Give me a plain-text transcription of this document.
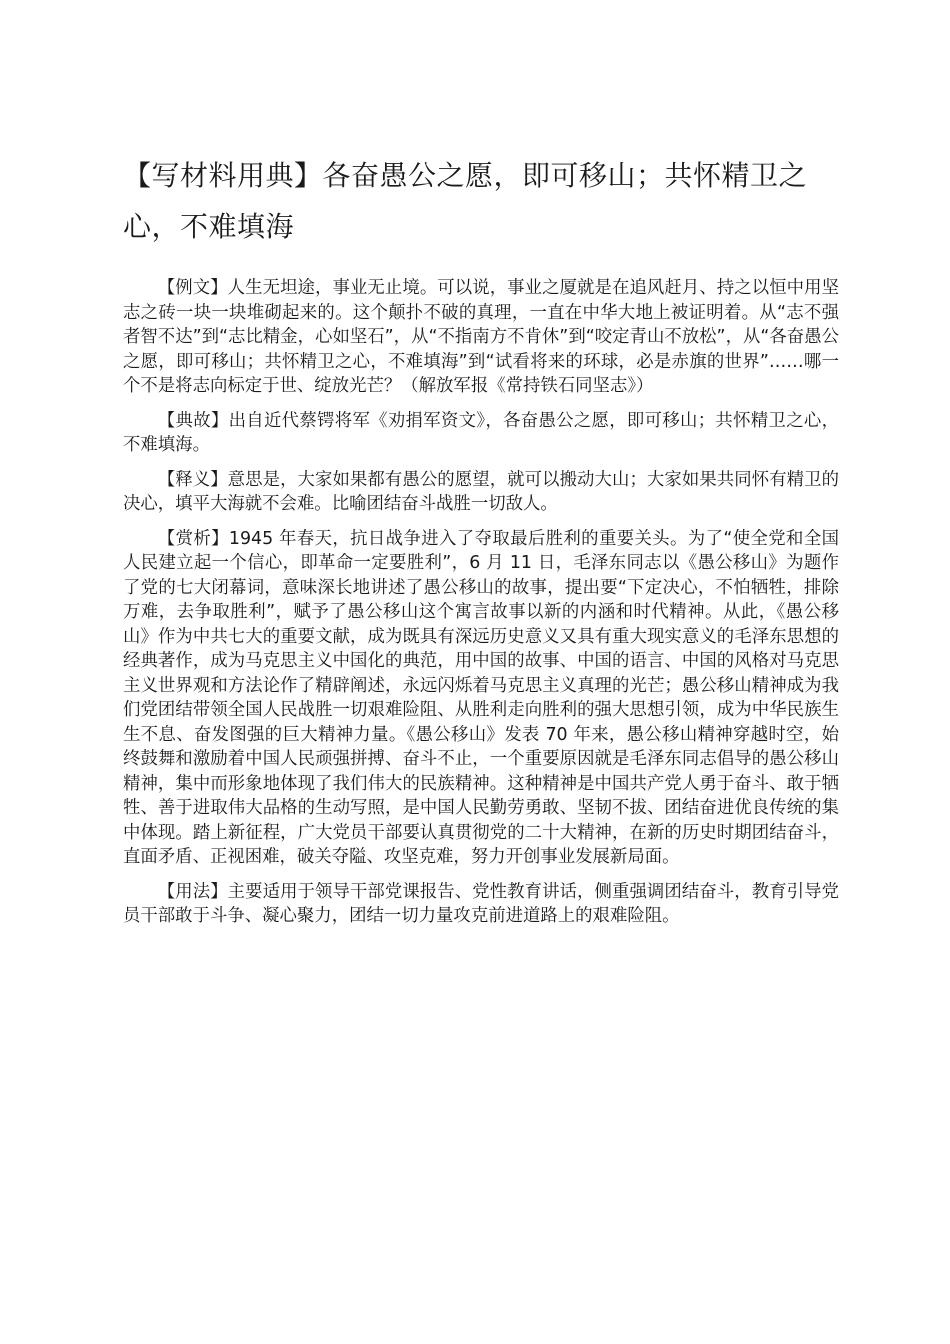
【写材料用典】各奋愚公之愿，即可移山；共怀精卫之心，不难填海

【例文】人生无坦途，事业无止境。可以说，事业之厦就是在追风赶月、持之以恒中用坚志之砖一块一块堆砌起来的。这个颠扑不破的真理，一直在中华大地上被证明着。从“志不强者智不达”到“志比精金，心如坚石”，从“不指南方不肯休”到“咬定青山不放松”，从“各奋愚公之愿，即可移山；共怀精卫之心，不难填海”到“试看将来的环球，必是赤旗的世界”……哪一个不是将志向标定于世、绽放光芒？（解放军报《常持铁石同坚志》）

【典故】出自近代蔡锷将军《劝捐军资文》，各奋愚公之愿，即可移山；共怀精卫之心，不难填海。

【释义】意思是，大家如果都有愚公的愿望，就可以搬动大山；大家如果共同怀有精卫的决心，填平大海就不会难。比喻团结奋斗战胜一切敌人。

【赏析】1945 年春天，抗日战争进入了夺取最后胜利的重要关头。为了“使全党和全国人民建立起一个信心，即革命一定要胜利”，6 月 11 日，毛泽东同志以《愚公移山》为题作了党的七大闭幕词，意味深长地讲述了愚公移山的故事，提出要“下定决心，不怕牺牲，排除万难，去争取胜利”，赋予了愚公移山这个寓言故事以新的内涵和时代精神。从此，《愚公移山》作为中共七大的重要文献，成为既具有深远历史意义又具有重大现实意义的毛泽东思想的经典著作，成为马克思主义中国化的典范，用中国的故事、中国的语言、中国的风格对马克思主义世界观和方法论作了精辟阐述，永远闪烁着马克思主义真理的光芒；愚公移山精神成为我们党团结带领全国人民战胜一切艰难险阻、从胜利走向胜利的强大思想引领，成为中华民族生生不息、奋发图强的巨大精神力量。《愚公移山》发表 70 年来，愚公移山精神穿越时空，始终鼓舞和激励着中国人民顽强拼搏、奋斗不止，一个重要原因就是毛泽东同志倡导的愚公移山精神，集中而形象地体现了我们伟大的民族精神。这种精神是中国共产党人勇于奋斗、敢于牺牲、善于进取伟大品格的生动写照，是中国人民勤劳勇敢、坚韧不拔、团结奋进优良传统的集中体现。踏上新征程，广大党员干部要认真贯彻党的二十大精神，在新的历史时期团结奋斗，直面矛盾、正视困难，破关夺隘、攻坚克难，努力开创事业发展新局面。

【用法】主要适用于领导干部党课报告、党性教育讲话，侧重强调团结奋斗，教育引导党员干部敢于斗争、凝心聚力，团结一切力量攻克前进道路上的艰难险阻。
